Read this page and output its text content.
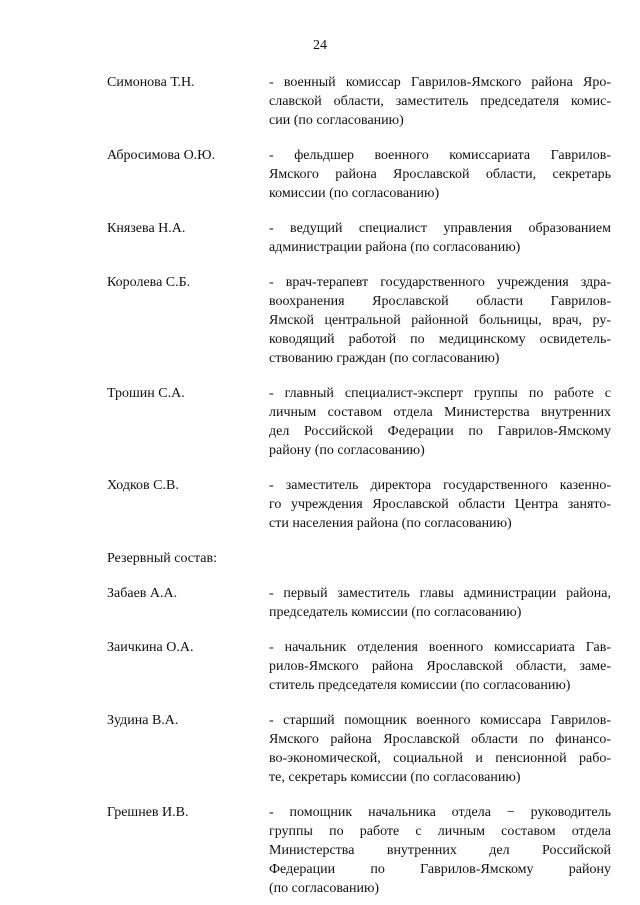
24
Симонова Т.Н.	- военный комиссар Гаврилов-Ямского района Яро-
славской области, заместитель председателя комис-
сии (по согласованию)
Абросимова О.Ю.	- фельдшер военного комиссариата Гаврилов-
Ямского района Ярославской области, секретарь
комиссии (по согласованию)
Князева Н.А.	- ведущий специалист управления образованием
администрации района (по согласованию)
Королева С.Б.	- врач-терапевт государственного учреждения здра-
воохранения Ярославской области Гаврилов-
Ямской центральной районной больницы, врач, ру-
ководящий работой по медицинскому освидетель-
ствованию граждан (по согласованию)
Трошин С.А.	- главный специалист-эксперт группы по работе с
личным составом отдела Министерства внутренних
дел Российской Федерации по Гаврилов-Ямскому
району (по согласованию)
Ходков С.В.	- заместитель директора государственного казенно-
го учреждения Ярославской области Центра занято-
сти населения района (по согласованию)
Резервный состав:
Забаев А.А.	- первый заместитель главы администрации района,
председатель комиссии (по согласованию)
Заичкина О.А.	- начальник отделения военного комиссариата Гав-
рилов-Ямского района Ярославской области, заме-
ститель председателя комиссии (по согласованию)
Зудина В.А.	- старший помощник военного комиссара Гаврилов-
Ямского района Ярославской области по финансо-
во-экономической, социальной и пенсионной рабо-
те, секретарь комиссии (по согласованию)
Грешнев И.В.	- помощник начальника отдела − руководитель
группы по работе с личным составом отдела
Министерства внутренних дел Российской
Федерации по Гаврилов-Ямскому району
(по согласованию)
